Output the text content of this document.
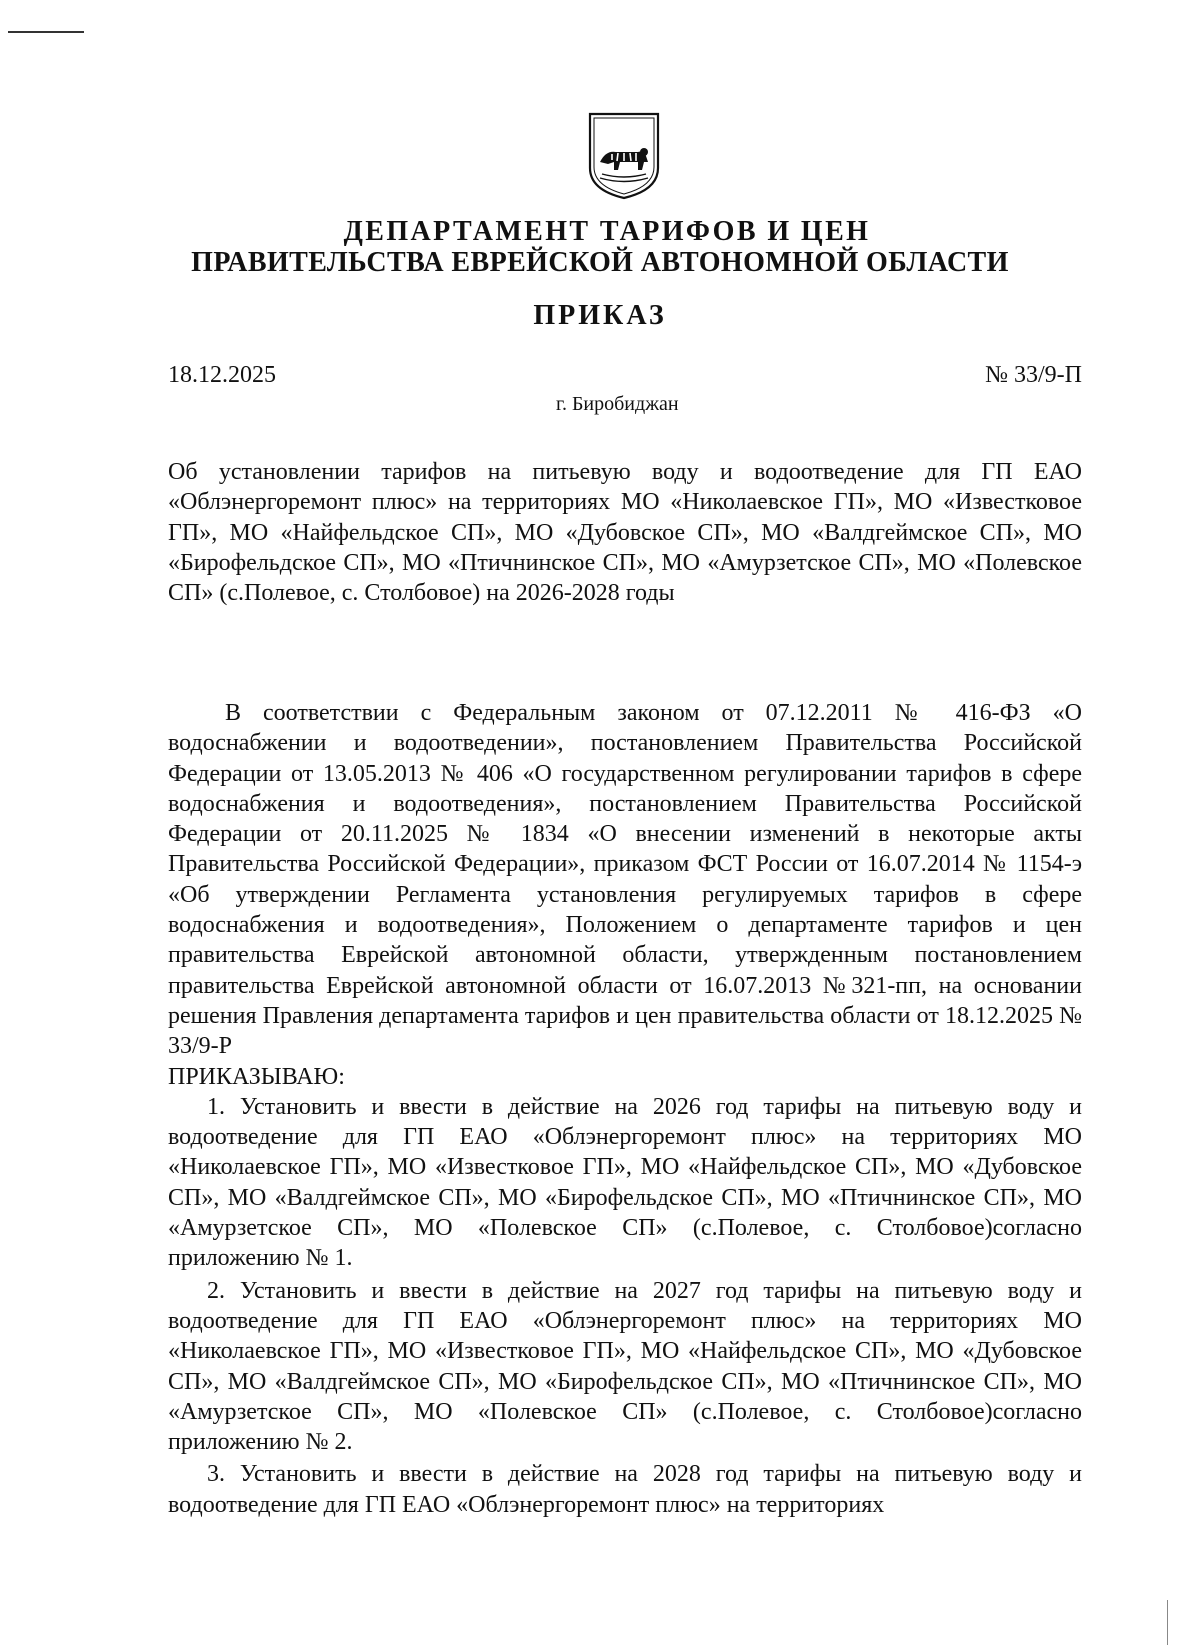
ДЕПАРТАМЕНТ ТАРИФОВ И ЦЕН
ПРАВИТЕЛЬСТВА ЕВРЕЙСКОЙ АВТОНОМНОЙ ОБЛАСТИ
ПРИКАЗ
18.12.2025	№ 33/9-П
г. Биробиджан

Об установлении тарифов на питьевую воду и водоотведение для ГП ЕАО «Облэнергоремонт плюс» на территориях МО «Николаевское ГП», МО «Известковое ГП», МО «Найфельдское СП», МО «Дубовское СП», МО «Валдгеймское СП», МО «Бирофельдское СП», МО «Птичнинское СП», МО «Амурзетское СП», МО «Полевское СП» (с.Полевое, с. Столбовое) на 2026-2028 годы

В соответствии с Федеральным законом от 07.12.2011 № 416-ФЗ «О водоснабжении и водоотведении», постановлением Правительства Российской Федерации от 13.05.2013 № 406 «О государственном регулировании тарифов в сфере водоснабжения и водоотведения», постановлением Правительства Российской Федерации от 20.11.2025 № 1834 «О внесении изменений в некоторые акты Правительства Российской Федерации», приказом ФСТ России от 16.07.2014 № 1154-э «Об утверждении Регламента установления регулируемых тарифов в сфере водоснабжения и водоотведения», Положением о департаменте тарифов и цен правительства Еврейской автономной области, утвержденным постановлением правительства Еврейской автономной области от 16.07.2013 №321-пп, на основании решения Правления департамента тарифов и цен правительства области от 18.12.2025 № 33/9-Р

ПРИКАЗЫВАЮ:

1. Установить и ввести в действие на 2026 год тарифы на питьевую воду и водоотведение для ГП ЕАО «Облэнергоремонт плюс» на территориях МО «Николаевское ГП», МО «Известковое ГП», МО «Найфельдское СП», МО «Дубовское СП», МО «Валдгеймское СП», МО «Бирофельдское СП», МО «Птичнинское СП», МО «Амурзетское СП», МО «Полевское СП» (с.Полевое, с. Столбовое)согласно приложению № 1.

2. Установить и ввести в действие на 2027 год тарифы на питьевую воду и водоотведение для ГП ЕАО «Облэнергоремонт плюс» на территориях МО «Николаевское ГП», МО «Известковое ГП», МО «Найфельдское СП», МО «Дубовское СП», МО «Валдгеймское СП», МО «Бирофельдское СП», МО «Птичнинское СП», МО «Амурзетское СП», МО «Полевское СП» (с.Полевое, с. Столбовое)согласно приложению № 2.

3. Установить и ввести в действие на 2028 год тарифы на питьевую воду и водоотведение для ГП ЕАО «Облэнергоремонт плюс» на территориях
